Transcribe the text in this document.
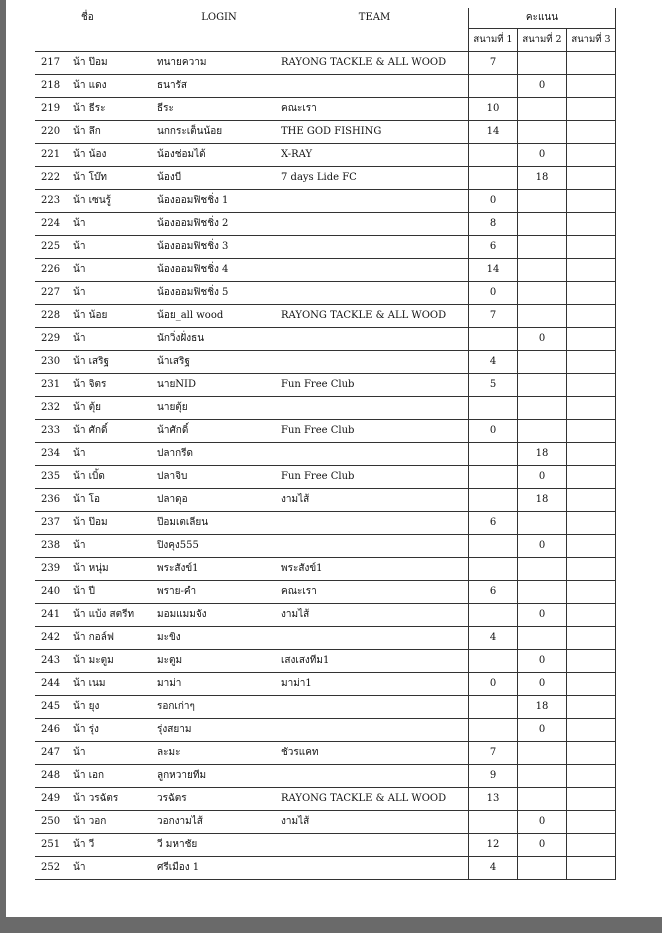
	ชื่อ	LOGIN	TEAM	คะแนน		
				สนามที่ 1	สนามที่ 2	สนามที่ 3
217	น้า ป๊อม	ทนายความ	RAYONG TACKLE & ALL WOOD	7		
218	น้า แดง	ธนารัส			0	
219	น้า ธีระ	ธีระ	คณะเรา	10		
220	น้า ลึก	นกกระเต็นน้อย	THE GOD FISHING	14		
221	น้า น้อง	น้องช่อมได้	X-RAY		0	
222	น้า โบ๊ท	น้องบี	7 days Lide FC		18	
223	น้า เซนรู้	น้องออมฟิชชิ่ง 1		0		
224	น้า	น้องออมฟิชชิ่ง 2		8		
225	น้า	น้องออมฟิชชิ่ง 3		6		
226	น้า	น้องออมฟิชชิ่ง 4		14		
227	น้า	น้องออมฟิชชิ่ง 5		0		
228	น้า น้อย	น้อย_all wood	RAYONG TACKLE & ALL WOOD	7		
229	น้า	นักวิ่งฝั่งธน			0	
230	น้า เสริฐ	น้าเสริฐ		4		
231	น้า จิตร	นายNID	Fun Free Club	5		
232	น้า ตุ้ย	นายตุ้ย				
233	น้า ศักดิ์	น้าศักดิ์	Fun Free Club	0		
234	น้า	ปลากรีด			18	
235	น้า เบิ้ด	ปลาจิบ	Fun Free Club		0	
236	น้า โอ	ปลาดุอ	งามไส้		18	
237	น้า ป๊อม	ป๊อมเตเลียน		6		
238	น้า	ปิงคุง555			0	
239	น้า หนุ่ม	พระสังข์1	พระสังข์1			
240	น้า ปี	พราย-คำ	คณะเรา	6		
241	น้า แบ้ง สตรีท	มอมแมมจัง	งามไส้		0	
242	น้า กอล์ฟ	มะขิง		4		
243	น้า มะตูม	มะตูม	เสงเสงทีม1		0	
244	น้า เนม	มาม่า	มาม่า1	0	0	
245	น้า ยุง	รอกเก่าๆ			18	
246	น้า รุ่ง	รุ่งสยาม			0	
247	น้า	ละมะ	ชัวรแคท	7		
248	น้า เอก	ลูกหวายทีม		9		
249	น้า วรฉัตร	วรฉัตร	RAYONG TACKLE & ALL WOOD	13		
250	น้า วอก	วอกงามไส้	งามไส้		0	
251	น้า วี	วี มหาชัย		12	0	
252	น้า	ศรีเมือง 1		4		
